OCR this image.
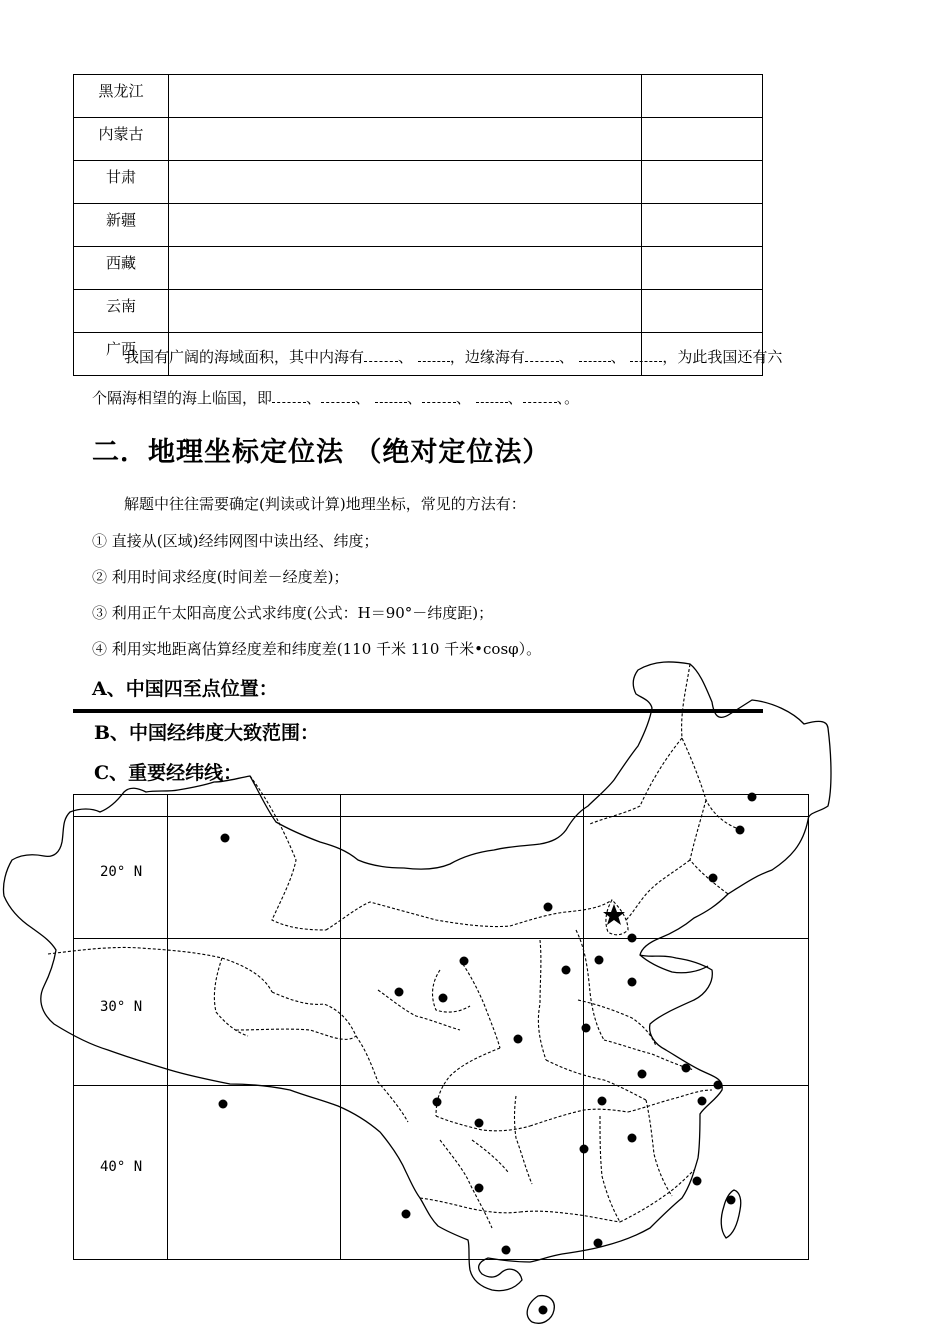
黑龙江		
内蒙古		
甘肃		
新疆		
西藏		
云南		
广西		
我国有广阔的海域面积，其中内海有 、 ，边缘海有 、 、 ，为此我国还有六
个隔海相望的海上临国，即 、 、 、 、 、 、。
二．地理坐标定位法 （绝对定位法）
解题中往往需要确定(判读或计算)地理坐标，常见的方法有：
① 直接从(区域)经纬网图中读出经、纬度；
② 利用时间求经度(时间差－经度差)；
③ 利用正午太阳高度公式求纬度(公式：H＝90°－纬度距)；
④ 利用实地距离估算经度差和纬度差(110 千米 110 千米•cosφ）。
A、中国四至点位置：
B、中国经纬度大致范围：
C、重要经纬线：
20° N
30° N
40° N
